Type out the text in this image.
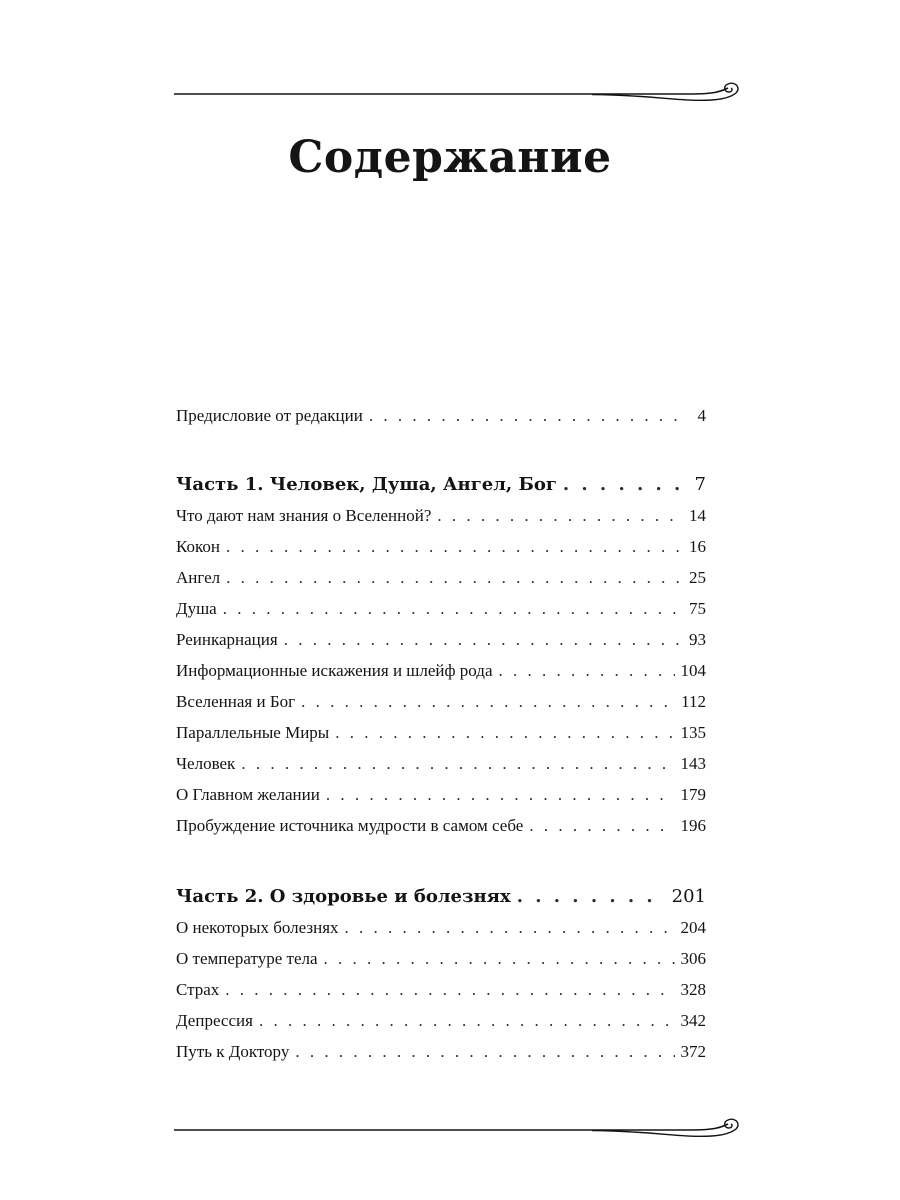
Содержание
Предисловие от редакции . . .	4
Часть 1. Человек, Душа, Ангел, Бог . . .	7
Что дают нам знания о Вселенной? . . .	14
Кокон . . .	16
Ангел . . .	25
Душа . . .	75
Реинкарнация . . .	93
Информационные искажения и шлейф рода . . .	104
Вселенная и Бог . . .	112
Параллельные Миры . . .	135
Человек . . .	143
О Главном желании . . .	179
Пробуждение источника мудрости в самом себе . . .	196
Часть 2. О здоровье и болезнях . . .	201
О некоторых болезнях . . .	204
О температуре тела . . .	306
Страх . . .	328
Депрессия . . .	342
Путь к Доктору . . .	372
